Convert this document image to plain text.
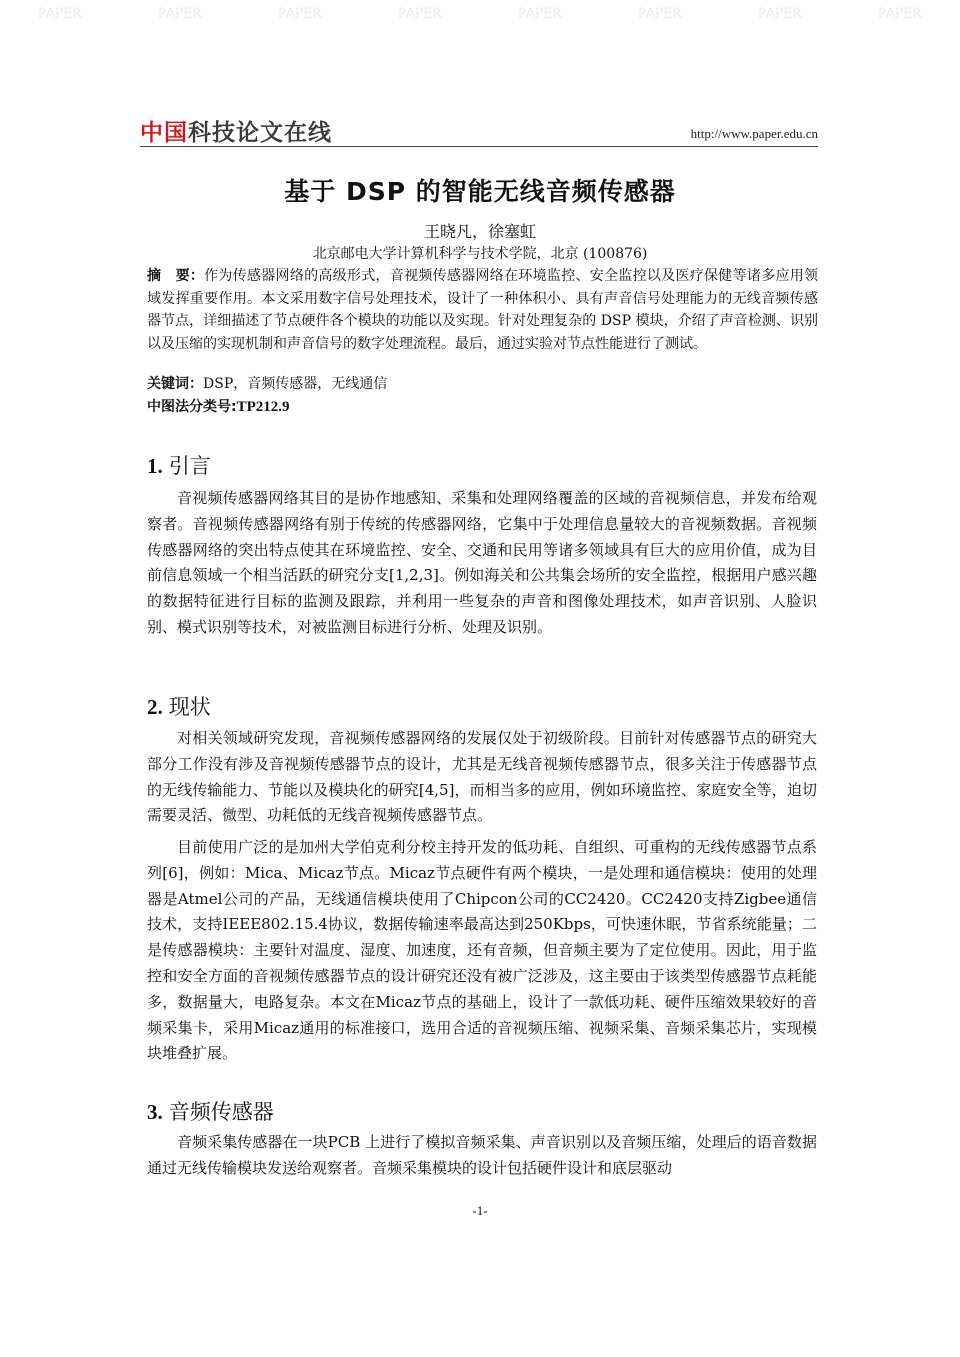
PAPER	PAPER	PAPER	PAPER	PAPER	PAPER	PAPER	PAPER
中国科技论文在线	http://www.paper.edu.cn
基于 DSP 的智能无线音频传感器
王晓凡，徐塞虹
北京邮电大学计算机科学与技术学院，北京 (100876)

摘　要：作为传感器网络的高级形式，音视频传感器网络在环境监控、安全监控以及医疗保健等诸多应用领域发挥重要作用。本文采用数字信号处理技术，设计了一种体积小、具有声音信号处理能力的无线音频传感器节点，详细描述了节点硬件各个模块的功能以及实现。针对处理复杂的 DSP 模块，介绍了声音检测、识别以及压缩的实现机制和声音信号的数字处理流程。最后，通过实验对节点性能进行了测试。

关键词：DSP，音频传感器，无线通信

中图法分类号:TP212.9

1. 引言

音视频传感器网络其目的是协作地感知、采集和处理网络覆盖的区域的音视频信息，并发布给观察者。音视频传感器网络有别于传统的传感器网络，它集中于处理信息量较大的音视频数据。音视频传感器网络的突出特点使其在环境监控、安全、交通和民用等诸多领域具有巨大的应用价值，成为目前信息领域一个相当活跃的研究分支[1,2,3]。例如海关和公共集会场所的安全监控，根据用户感兴趣的数据特征进行目标的监测及跟踪，并利用一些复杂的声音和图像处理技术，如声音识别、人脸识别、模式识别等技术，对被监测目标进行分析、处理及识别。

2. 现状

对相关领域研究发现，音视频传感器网络的发展仅处于初级阶段。目前针对传感器节点的研究大部分工作没有涉及音视频传感器节点的设计，尤其是无线音视频传感器节点，很多关注于传感器节点的无线传输能力、节能以及模块化的研究[4,5]，而相当多的应用，例如环境监控、家庭安全等，迫切需要灵活、微型、功耗低的无线音视频传感器节点。

目前使用广泛的是加州大学伯克利分校主持开发的低功耗、自组织、可重构的无线传感器节点系列[6]，例如：Mica、Micaz节点。Micaz节点硬件有两个模块，一是处理和通信模块：使用的处理器是Atmel公司的产品，无线通信模块使用了Chipcon公司的CC2420。CC2420支持Zigbee通信技术，支持IEEE802.15.4协议，数据传输速率最高达到250Kbps，可快速休眠，节省系统能量；二是传感器模块：主要针对温度、湿度、加速度，还有音频，但音频主要为了定位使用。因此，用于监控和安全方面的音视频传感器节点的设计研究还没有被广泛涉及，这主要由于该类型传感器节点耗能多，数据量大，电路复杂。本文在Micaz节点的基础上，设计了一款低功耗、硬件压缩效果较好的音频采集卡，采用Micaz通用的标准接口，选用合适的音视频压缩、视频采集、音频采集芯片，实现模块堆叠扩展。

3. 音频传感器

音频采集传感器在一块PCB 上进行了模拟音频采集、声音识别以及音频压缩，处理后的语音数据通过无线传输模块发送给观察者。音频采集模块的设计包括硬件设计和底层驱动

-1-
